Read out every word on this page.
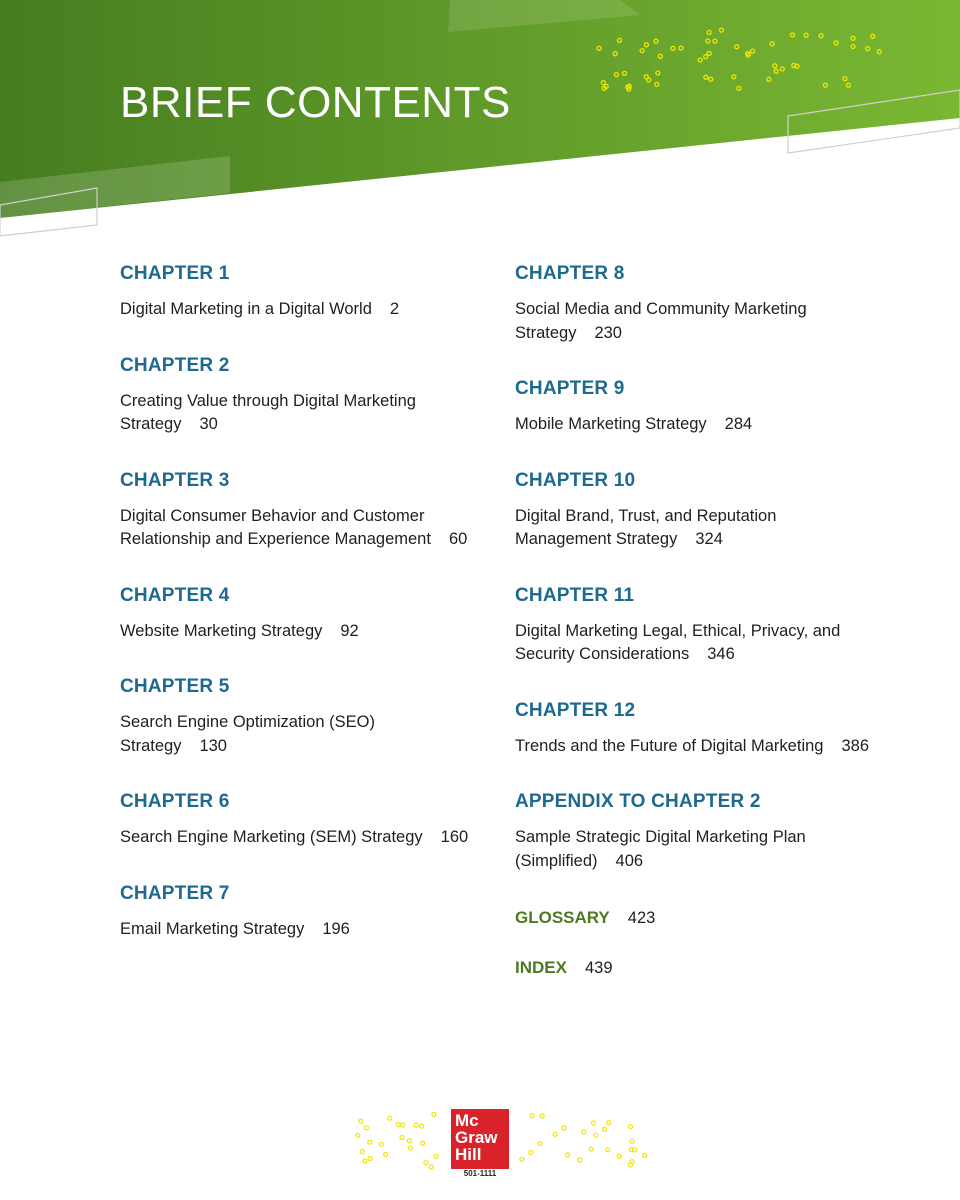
BRIEF CONTENTS
CHAPTER 1

Digital Marketing in a Digital World 2

CHAPTER 2

Creating Value through Digital Marketing Strategy 30

CHAPTER 3

Digital Consumer Behavior and Customer Relationship and Experience Management 60

CHAPTER 4

Website Marketing Strategy 92

CHAPTER 5

Search Engine Optimization (SEO) Strategy 130

CHAPTER 6

Search Engine Marketing (SEM) Strategy 160

CHAPTER 7

Email Marketing Strategy 196

CHAPTER 8

Social Media and Community Marketing Strategy 230

CHAPTER 9

Mobile Marketing Strategy 284

CHAPTER 10

Digital Brand, Trust, and Reputation Management Strategy 324

CHAPTER 11

Digital Marketing Legal, Ethical, Privacy, and Security Considerations 346

CHAPTER 12

Trends and the Future of Digital Marketing 386

APPENDIX TO CHAPTER 2

Sample Strategic Digital Marketing Plan (Simplified) 406

GLOSSARY 423
INDEX 439
Mc
Graw
Hill
501-1111
